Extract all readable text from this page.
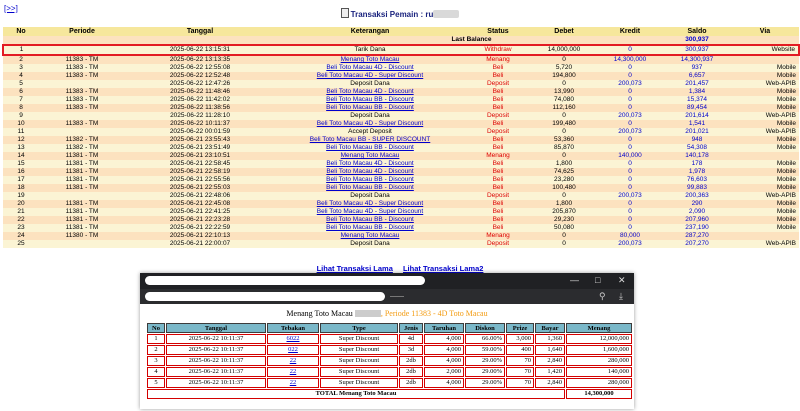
[>>]
Transaksi Pemain : ru
No	Periode	Tanggal	Keterangan	Status	Debet	Kredit	Saldo	Via
Last Balance							300,937	
1		2025-06-22 13:15:31	Tarik Dana	Withdraw	14,000,000	0	300,937	Website
2	11383 - TM	2025-06-22 13:13:35	Menang Toto Macau	Menang	0	14,300,000	14,300,937	
3	11383 - TM	2025-06-22 12:55:08	Beli Toto Macau 4D - Discount	Beli	5,720	0	937	Mobile
4	11383 - TM	2025-06-22 12:52:48	Beli Toto Macau 4D - Super Discount	Beli	194,800	0	6,657	Mobile
5		2025-06-22 12:47:26	Deposit Dana	Deposit	0	200,073	201,457	Web-APIB
6	11383 - TM	2025-06-22 11:48:46	Beli Toto Macau 4D - Discount	Beli	13,990	0	1,384	Mobile
7	11383 - TM	2025-06-22 11:42:02	Beli Toto Macau BB - Discount	Beli	74,080	0	15,374	Mobile
8	11383 - TM	2025-06-22 11:38:56	Beli Toto Macau BB - Discount	Beli	112,160	0	89,454	Mobile
9		2025-06-22 11:28:10	Deposit Dana	Deposit	0	200,073	201,614	Web-APIB
10	11383 - TM	2025-06-22 10:11:37	Beli Toto Macau 4D - Super Discount	Beli	199,480	0	1,541	Mobile
11		2025-06-22 00:01:59	Accept Deposit	Deposit	0	200,073	201,021	Web-APIB
12	11382 - TM	2025-06-21 23:55:43	Beli Toto Macau BB - SUPER DISCOUNT	Beli	53,360	0	948	Mobile
13	11382 - TM	2025-06-21 23:51:49	Beli Toto Macau BB - Discount	Beli	85,870	0	54,308	Mobile
14	11381 - TM	2025-06-21 23:10:51	Menang Toto Macau	Menang	0	140,000	140,178	
15	11381 - TM	2025-06-21 22:58:45	Beli Toto Macau 4D - Discount	Beli	1,800	0	178	Mobile
16	11381 - TM	2025-06-21 22:58:19	Beli Toto Macau 4D - Discount	Beli	74,625	0	1,978	Mobile
17	11381 - TM	2025-06-21 22:55:56	Beli Toto Macau BB - Discount	Beli	23,280	0	76,603	Mobile
18	11381 - TM	2025-06-21 22:55:03	Beli Toto Macau BB - Discount	Beli	100,480	0	99,883	Mobile
19		2025-06-21 22:48:06	Deposit Dana	Deposit	0	200,073	200,363	Web-APIB
20	11381 - TM	2025-06-21 22:45:08	Beli Toto Macau 4D - Super Discount	Beli	1,800	0	290	Mobile
21	11381 - TM	2025-06-21 22:41:25	Beli Toto Macau 4D - Super Discount	Beli	205,870	0	2,090	Mobile
22	11381 - TM	2025-06-21 22:23:28	Beli Toto Macau BB - Discount	Beli	29,230	0	207,960	Mobile
23	11381 - TM	2025-06-21 22:22:59	Beli Toto Macau BB - Discount	Beli	50,080	0	237,190	Mobile
24	11380 - TM	2025-06-21 22:10:13	Menang Toto Macau	Menang	0	80,000	287,270	
25		2025-06-21 22:00:07	Deposit Dana	Deposit	0	200,073	207,270	Web-APIB
Lihat Transaksi Lama Lihat Transaksi Lama2
— □ ✕
⚲ ⤓
Menang Toto Macau	, Periode 11383 - 4D Toto Macau
No	Tanggal	Tebakan	Type	Jenis	Taruhan	Diskon	Prize	Bayar	Menang
1	2025-06-22 10:11:37	6022	Super Discount	4d	4,000	66.00%	3,000	1,360	12,000,000
2	2025-06-22 10:11:37	022	Super Discount	3d	4,000	59.00%	400	1,640	1,600,000
3	2025-06-22 10:11:37	22	Super Discount	2db	4,000	29.00%	70	2,840	280,000
4	2025-06-22 10:11:37	22	Super Discount	2db	2,000	29.00%	70	1,420	140,000
5	2025-06-22 10:11:37	22	Super Discount	2db	4,000	29.00%	70	2,840	280,000
TOTAL Menang Toto Macau									14,300,000
